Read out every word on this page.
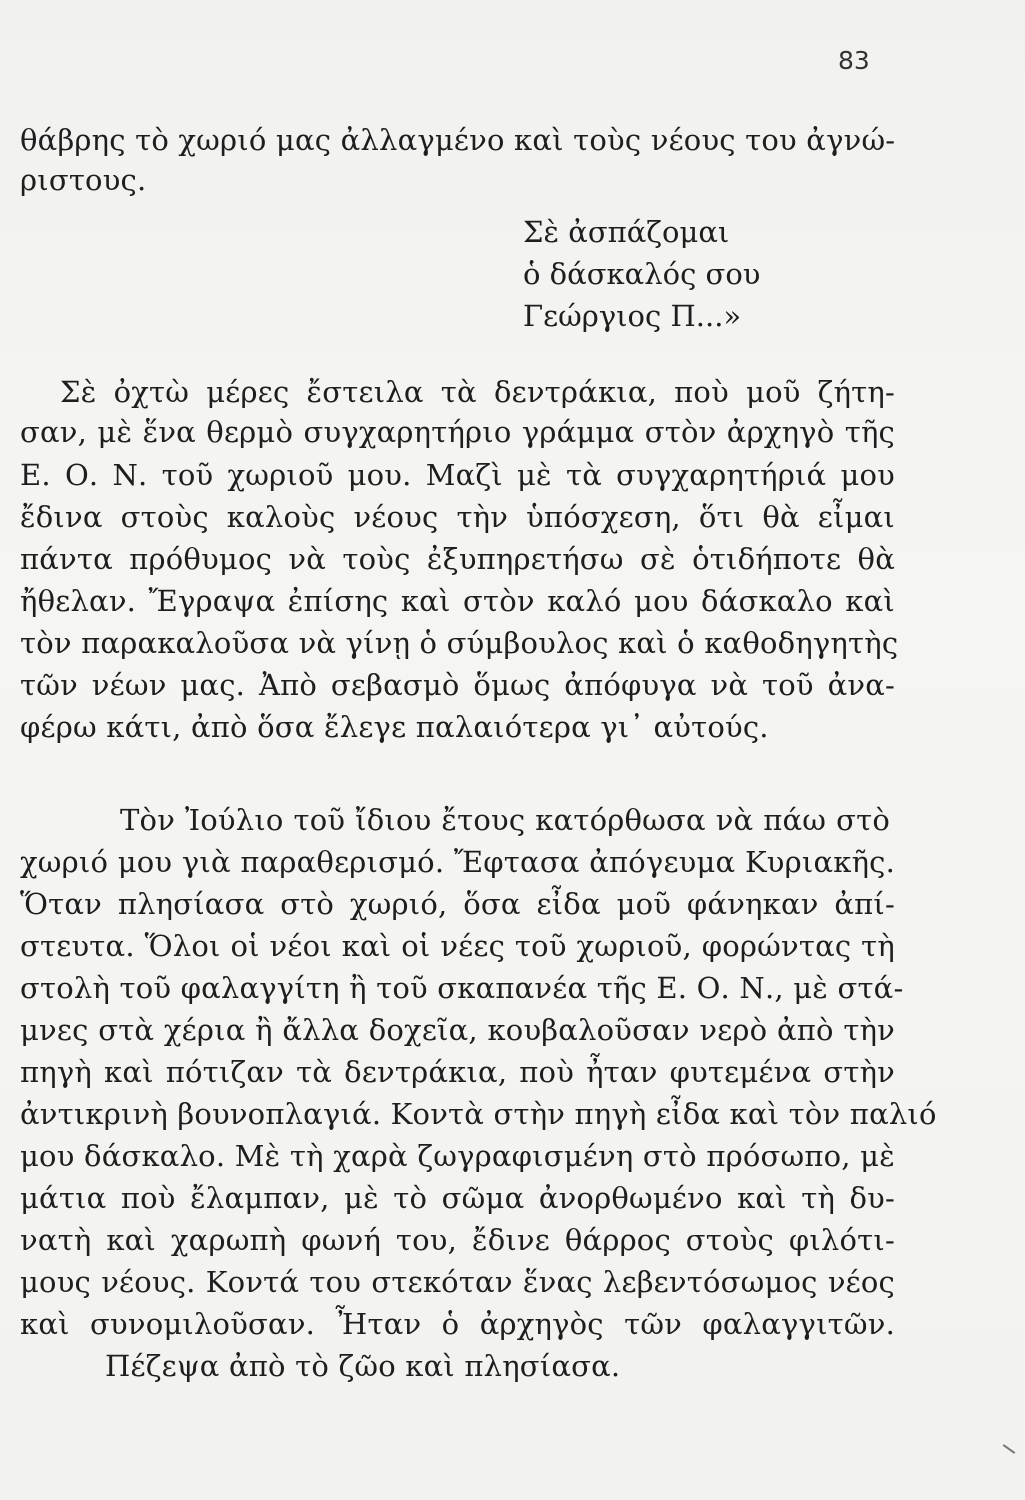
83
θάβρης τὸ χωριό μας ἀλλαγμένο καὶ τοὺς νέους του ἀγνώ-
ριστους.
Σὲ ἀσπάζομαι
ὁ δάσκαλός σου
Γεώργιος Π...»
Σὲ ὀχτὼ μέρες ἔστειλα τὰ δεντράκια, ποὺ μοῦ ζήτη-
σαν, μὲ ἕνα θερμὸ συγχαρητήριο γράμμα στὸν ἀρχηγὸ τῆς
Ε. Ο. Ν. τοῦ χωριοῦ μου. Μαζὶ μὲ τὰ συγχαρητήριά μου
ἔδινα στοὺς καλοὺς νέους τὴν ὑπόσχεση, ὅτι θὰ εἶμαι
πάντα πρόθυμος νὰ τοὺς ἐξυπηρετήσω σὲ ὁτιδήποτε θὰ
ἤθελαν. Ἔγραψα ἐπίσης καὶ στὸν καλό μου δάσκαλο καὶ
τὸν παρακαλοῦσα νὰ γίνῃ ὁ σύμβουλος καὶ ὁ καθοδηγητὴς
τῶν νέων μας. Ἀπὸ σεβασμὸ ὅμως ἀπόφυγα νὰ τοῦ ἀνα-
φέρω κάτι, ἀπὸ ὅσα ἔλεγε παλαιότερα γι᾽ αὐτούς.
Τὸν Ἰούλιο τοῦ ἴδιου ἔτους κατόρθωσα νὰ πάω στὸ
χωριό μου γιὰ παραθερισμό. Ἔφτασα ἀπόγευμα Κυριακῆς.
Ὅταν πλησίασα στὸ χωριό, ὅσα εἶδα μοῦ φάνηκαν ἀπί-
στευτα. Ὅλοι οἱ νέοι καὶ οἱ νέες τοῦ χωριοῦ, φορώντας τὴ
στολὴ τοῦ φαλαγγίτη ἢ τοῦ σκαπανέα τῆς Ε. Ο. Ν., μὲ στά-
μνες στὰ χέρια ἢ ἄλλα δοχεῖα, κουβαλοῦσαν νερὸ ἀπὸ τὴν
πηγὴ καὶ πότιζαν τὰ δεντράκια, ποὺ ἦταν φυτεμένα στὴν
ἀντικρινὴ βουνοπλαγιά. Κοντὰ στὴν πηγὴ εἶδα καὶ τὸν παλιό
μου δάσκαλο. Μὲ τὴ χαρὰ ζωγραφισμένη στὸ πρόσωπο, μὲ
μάτια ποὺ ἔλαμπαν, μὲ τὸ σῶμα ἀνορθωμένο καὶ τὴ δυ-
νατὴ καὶ χαρωπὴ φωνή του, ἔδινε θάρρος στοὺς φιλότι-
μους νέους. Κοντά του στεκόταν ἕνας λεβεντόσωμος νέος
καὶ συνομιλοῦσαν. Ἦταν ὁ ἀρχηγὸς τῶν φαλαγγιτῶν.
Πέζεψα ἀπὸ τὸ ζῶο καὶ πλησίασα.
